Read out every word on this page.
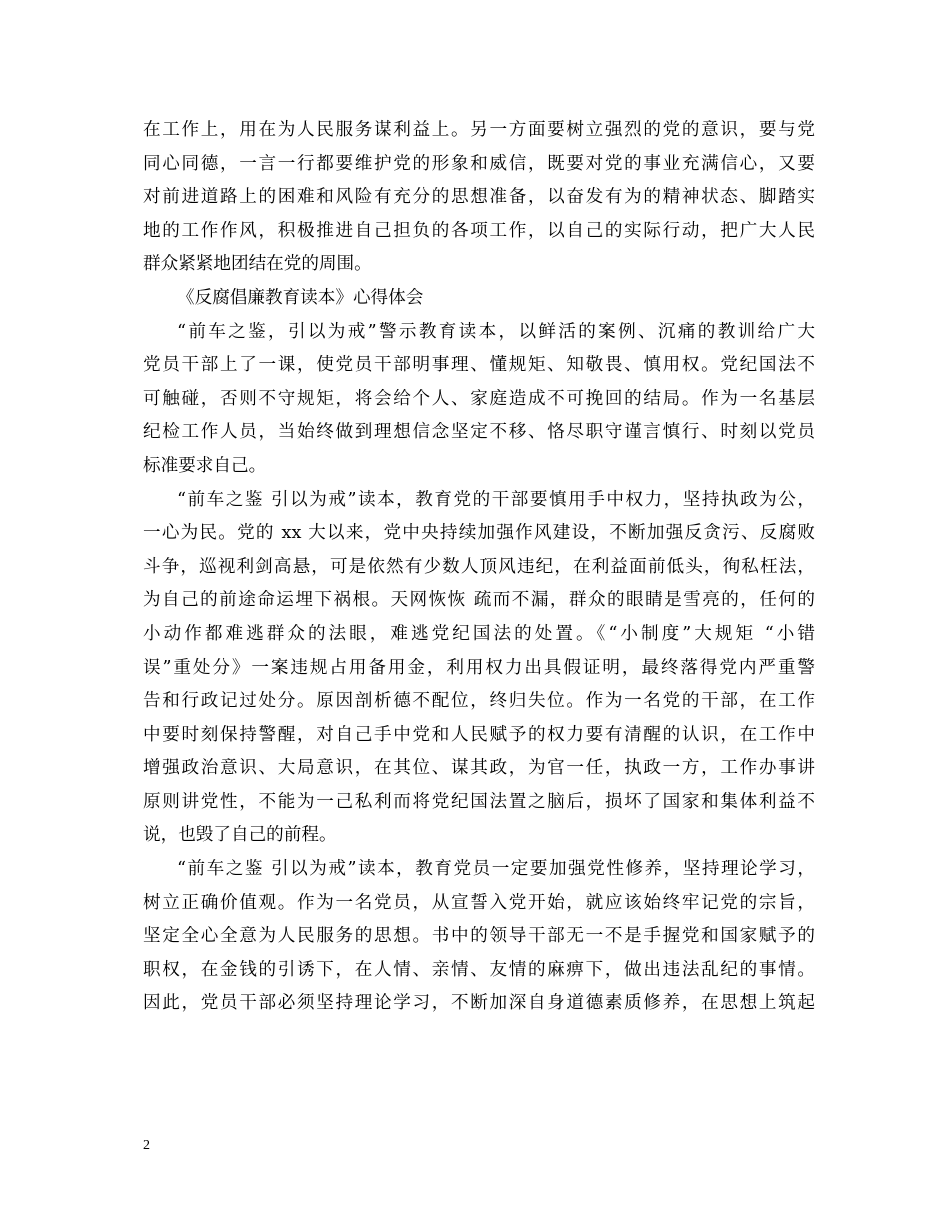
在工作上，用在为人民服务谋利益上。另一方面要树立强烈的党的意识，要与党
同心同德，一言一行都要维护党的形象和威信，既要对党的事业充满信心，又要
对前进道路上的困难和风险有充分的思想准备，以奋发有为的精神状态、脚踏实
地的工作作风，积极推进自己担负的各项工作，以自己的实际行动，把广大人民
群众紧紧地团结在党的周围。
《反腐倡廉教育读本》心得体会
“前车之鉴，引以为戒”警示教育读本，以鲜活的案例、沉痛的教训给广大
党员干部上了一课，使党员干部明事理、懂规矩、知敬畏、慎用权。党纪国法不
可触碰，否则不守规矩，将会给个人、家庭造成不可挽回的结局。作为一名基层
纪检工作人员，当始终做到理想信念坚定不移、恪尽职守谨言慎行、时刻以党员
标准要求自己。
“前车之鉴 引以为戒”读本，教育党的干部要慎用手中权力，坚持执政为公，
一心为民。党的 xx 大以来，党中央持续加强作风建设，不断加强反贪污、反腐败
斗争，巡视利剑高悬，可是依然有少数人顶风违纪，在利益面前低头，徇私枉法，
为自己的前途命运埋下祸根。天网恢恢 疏而不漏，群众的眼睛是雪亮的，任何的
小动作都难逃群众的法眼，难逃党纪国法的处置。《“小制度”大规矩 “小错
误”重处分》一案违规占用备用金，利用权力出具假证明，最终落得党内严重警
告和行政记过处分。原因剖析德不配位，终归失位。作为一名党的干部，在工作
中要时刻保持警醒，对自己手中党和人民赋予的权力要有清醒的认识，在工作中
增强政治意识、大局意识，在其位、谋其政，为官一任，执政一方，工作办事讲
原则讲党性，不能为一己私利而将党纪国法置之脑后，损坏了国家和集体利益不
说，也毁了自己的前程。
“前车之鉴 引以为戒”读本，教育党员一定要加强党性修养，坚持理论学习，
树立正确价值观。作为一名党员，从宣誓入党开始，就应该始终牢记党的宗旨，
坚定全心全意为人民服务的思想。书中的领导干部无一不是手握党和国家赋予的
职权，在金钱的引诱下，在人情、亲情、友情的麻痹下，做出违法乱纪的事情。
因此，党员干部必须坚持理论学习，不断加深自身道德素质修养，在思想上筑起
2
